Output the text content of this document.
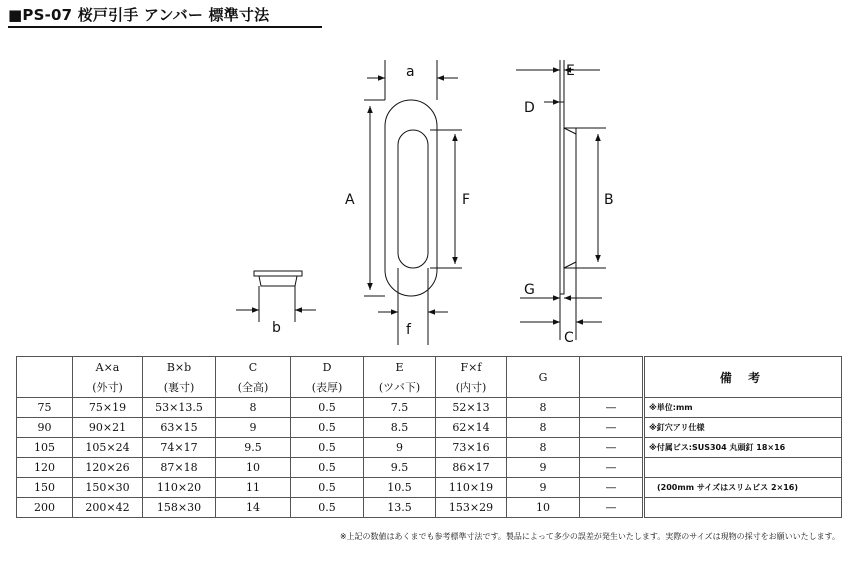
■PS-07 桜戸引手 アンバー 標準寸法
a
A	F
f
b
E
D
B
G
C
	A×a	B×b	C	D	E	F×f	G		備 考
	(外寸)	(裏寸)	(全高)	(表厚)	(ツバ下)	(内寸)			
75	75×19	53×13.5	8	0.5	7.5	52×13	8	—	※単位:mm
90	90×21	63×15	9	0.5	8.5	62×14	8	—	※釘穴アリ仕様
105	105×24	74×17	9.5	0.5	9	73×16	8	—	※付属ビス:SUS304 丸頭釘 18×16
120	120×26	87×18	10	0.5	9.5	86×17	9	—	
150	150×30	110×20	11	0.5	10.5	110×19	9	—	(200mm サイズはスリムビス 2×16)
200	200×42	158×30	14	0.5	13.5	153×29	10	—	
※上記の数値はあくまでも参考標準寸法です。製品によって多少の誤差が発生いたします。実際のサイズは現物の採寸をお願いいたします。
